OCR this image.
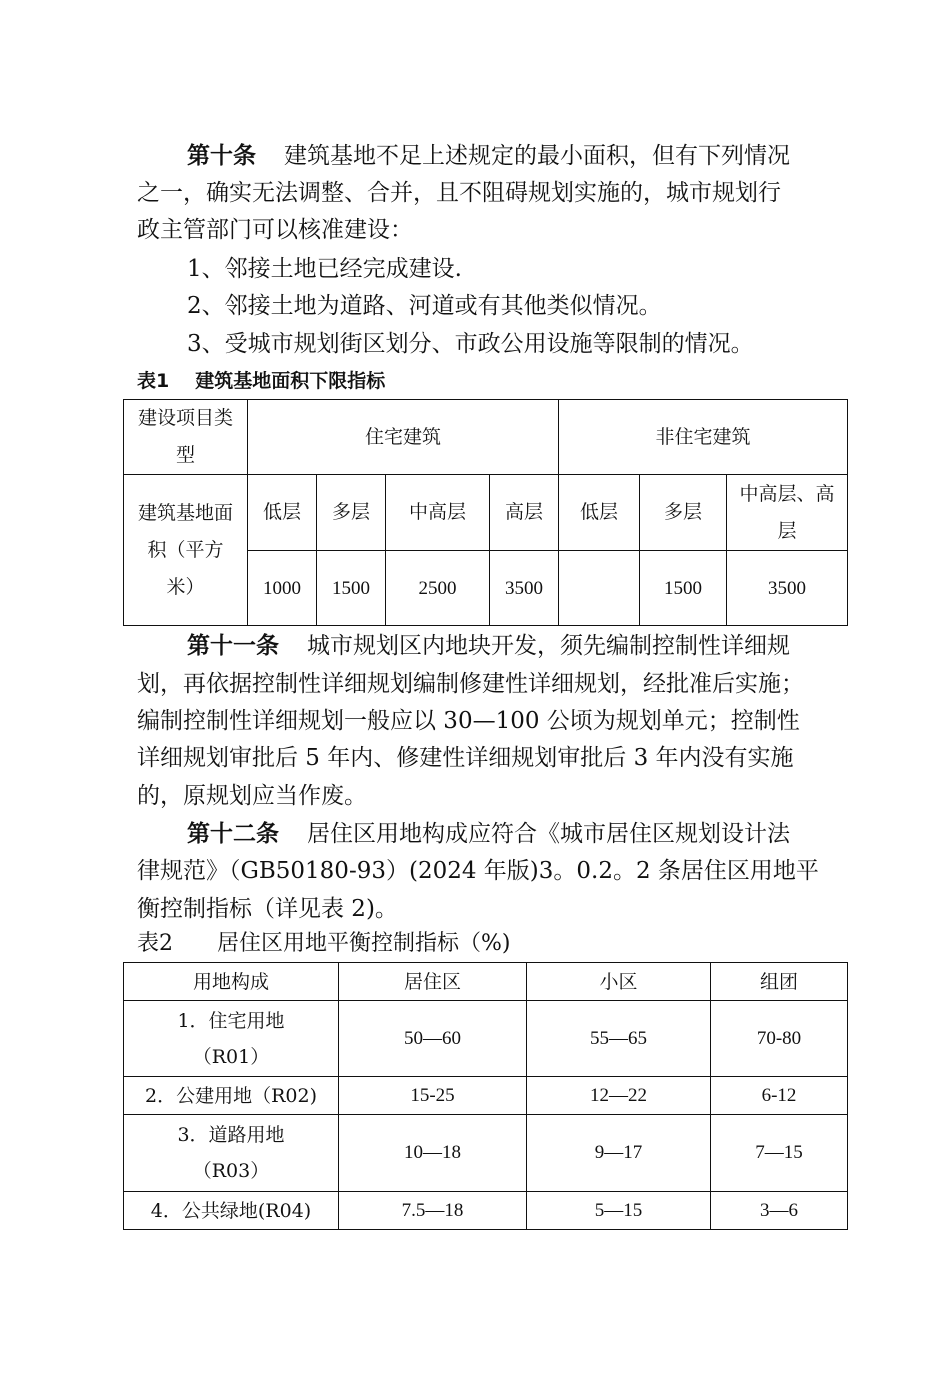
第十条 建筑基地不足上述规定的最小面积，但有下列情况
之一，确实无法调整、合并，且不阻碍规划实施的，城市规划行
政主管部门可以核准建设：
1、邻接土地已经完成建设.
2、邻接土地为道路、河道或有其他类似情况。
3、受城市规划街区划分、市政公用设施等限制的情况。
表1 建筑基地面积下限指标
建设项目类型	住宅建筑				非住宅建筑		
建筑基地面积（平方米）	低层	多层	中高层	高层	低层	多层	中高层、高层
	1000	1500	2500	3500		1500	3500
第十一条 城市规划区内地块开发，须先编制控制性详细规
划，再依据控制性详细规划编制修建性详细规划，经批准后实施；
编制控制性详细规划一般应以 30—100 公顷为规划单元；控制性
详细规划审批后 5 年内、修建性详细规划审批后 3 年内没有实施
的，原规划应当作废。
第十二条 居住区用地构成应符合《城市居住区规划设计法
律规范》（GB50180-93）(2024 年版)3。0.2。2 条居住区用地平
衡控制指标（详见表 2)。
表2　　居住区用地平衡控制指标（%)
用地构成	居住区	小区	组团
1．住宅用地（R01）	50—60	55—65	70-80
2．公建用地（R02)	15-25	12—22	6-12
3．道路用地（R03）	10—18	9—17	7—15
4．公共绿地(R04)	7.5—18	5—15	3—6
